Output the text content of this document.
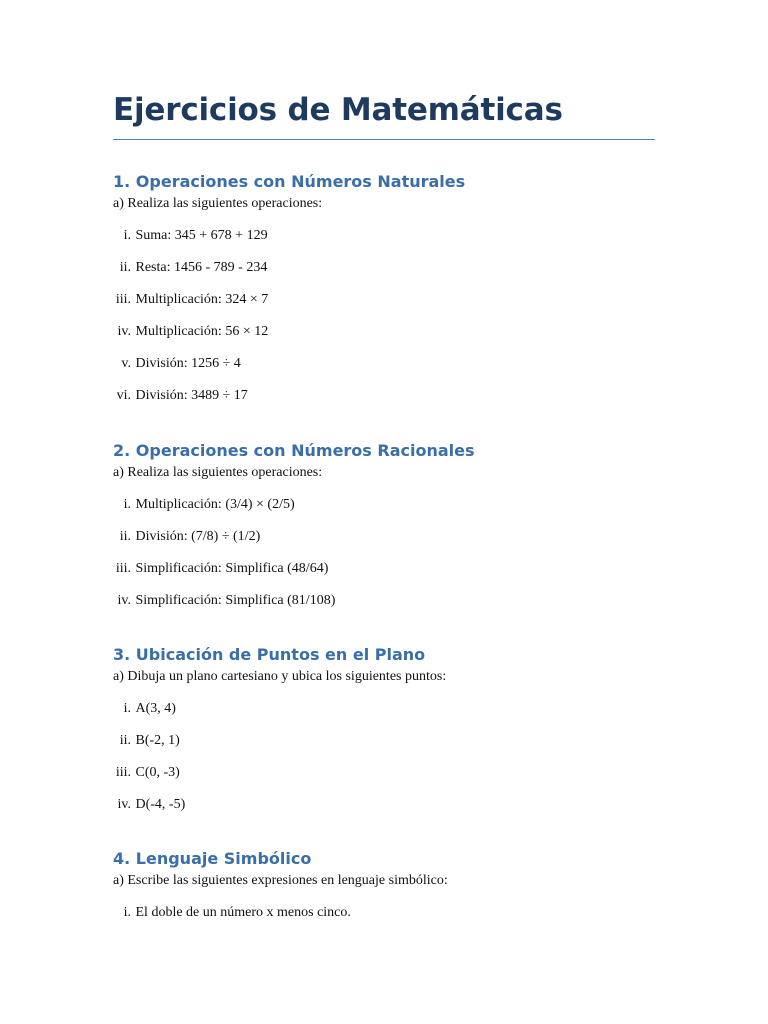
Ejercicios de Matemáticas
1. Operaciones con Números Naturales
a) Realiza las siguientes operaciones:
i. Suma: 345 + 678 + 129
ii. Resta: 1456 - 789 - 234
iii. Multiplicación: 324 × 7
iv. Multiplicación: 56 × 12
v. División: 1256 ÷ 4
vi. División: 3489 ÷ 17
2. Operaciones con Números Racionales
a) Realiza las siguientes operaciones:
i. Multiplicación: (3/4) × (2/5)
ii. División: (7/8) ÷ (1/2)
iii. Simplificación: Simplifica (48/64)
iv. Simplificación: Simplifica (81/108)
3. Ubicación de Puntos en el Plano
a) Dibuja un plano cartesiano y ubica los siguientes puntos:
i. A(3, 4)
ii. B(-2, 1)
iii. C(0, -3)
iv. D(-4, -5)
4. Lenguaje Simbólico
a) Escribe las siguientes expresiones en lenguaje simbólico:
i. El doble de un número x menos cinco.
